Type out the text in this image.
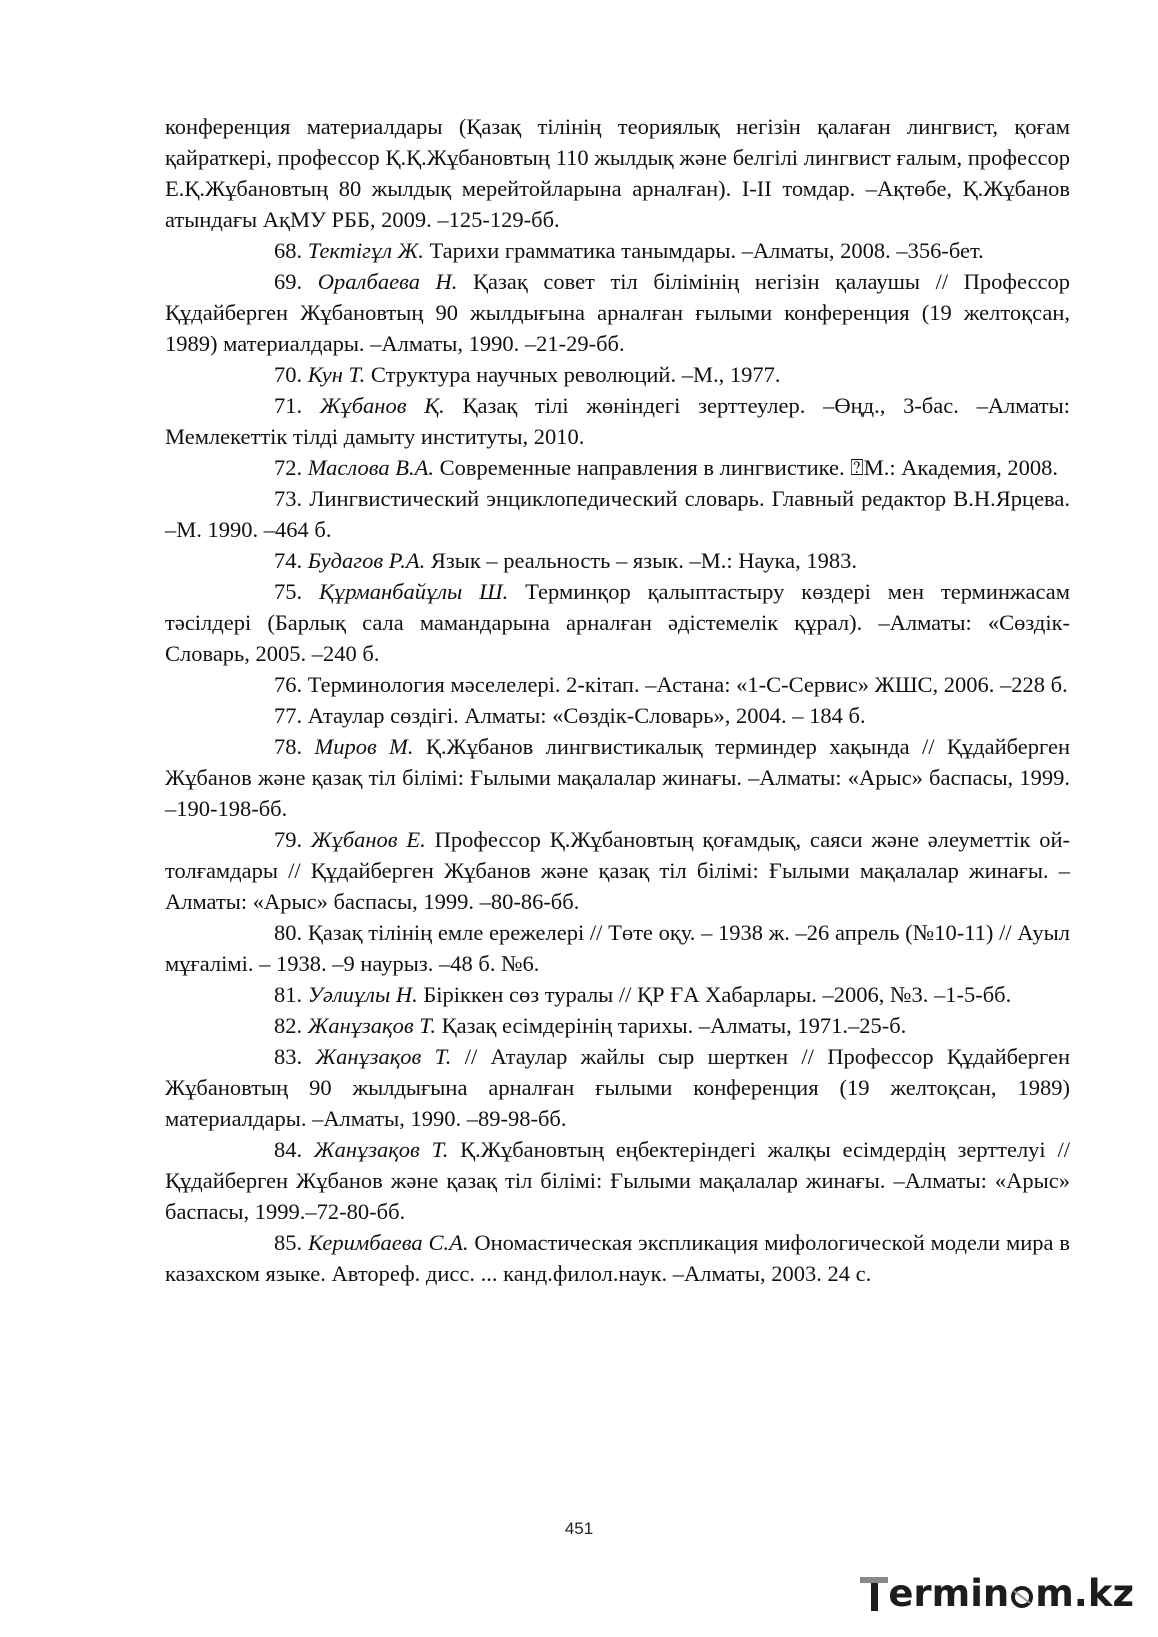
конференция материалдары (Қазақ тілінің теориялық негізін қалаған лингвист, қоғам қайраткері, профессор Қ.Қ.Жұбановтың 110 жылдық және белгілі лингвист ғалым, профессор Е.Қ.Жұбановтың 80 жылдық мерейтойларына арналған). I-II томдар. –Ақтөбе, Қ.Жұбанов атындағы АқМУ РББ, 2009. –125-129-бб.

68. Тектігұл Ж. Тарихи грамматика танымдары. –Алматы, 2008. –356-бет.

69. Оралбаева Н. Қазақ совет тіл білімінің негізін қалаушы // Профессор Құдайберген Жұбановтың 90 жылдығына арналған ғылыми конференция (19 желтоқсан, 1989) материалдары. –Алматы, 1990. –21-29-бб.

70. Кун Т. Структура научных революций. –М., 1977.

71. Жұбанов Қ. Қазақ тілі жөніндегі зерттеулер. –Өңд., 3-бас. –Алматы: Мемлекеттік тілді дамыту институты, 2010.

72. Маслова В.А. Современные направления в лингвистике. ⍰М.: Академия, 2008.

73. Лингвистический энциклопедический словарь. Главный редактор В.Н.Ярцева. –М. 1990. –464 б.

74. Будагов Р.А. Язык – реальность – язык. –М.: Наука, 1983.

75. Құрманбайұлы Ш. Терминқор қалыптастыру көздері мен терминжасам тәсілдері (Барлық сала мамандарына арналған әдістемелік құрал). –Алматы: «Сөздік-Словарь, 2005. –240 б.

76. Терминология мәселелері. 2-кітап. –Астана: «1-С-Сервис» ЖШС, 2006. –228 б.

77. Атаулар сөздігі. Алматы: «Сөздік-Словарь», 2004. – 184 б.

78. Миров М. Қ.Жұбанов лингвистикалық терминдер хақында // Құдайберген Жұбанов және қазақ тіл білімі: Ғылыми мақалалар жинағы. –Алматы: «Арыс» баспасы, 1999. –190-198-бб.

79. Жұбанов Е. Профессор Қ.Жұбановтың қоғамдық, саяси және әлеуметтік ой-толғамдары // Құдайберген Жұбанов және қазақ тіл білімі: Ғылыми мақалалар жинағы. –Алматы: «Арыс» баспасы, 1999. –80-86-бб.

80. Қазақ тілінің емле ережелері // Төте оқу. – 1938 ж. –26 апрель (№10-11) // Ауыл мұғалімі. – 1938. –9 наурыз. –48 б. №6.

81. Уәлиұлы Н. Біріккен сөз туралы // ҚР ҒА Хабарлары. –2006, №3. –1-5-бб.

82. Жанұзақов Т. Қазақ есімдерінің тарихы. –Алматы, 1971.–25-б.

83. Жанұзақов Т. // Атаулар жайлы сыр шерткен // Профессор Құдайберген Жұбановтың 90 жылдығына арналған ғылыми конференция (19 желтоқсан, 1989) материалдары. –Алматы, 1990. –89-98-бб.

84. Жанұзақов Т. Қ.Жұбановтың еңбектеріндегі жалқы есімдердің зерттелуі // Құдайберген Жұбанов және қазақ тіл білімі: Ғылыми мақалалар жинағы. –Алматы: «Арыс» баспасы, 1999.–72-80-бб.

85. Керимбаева С.А. Ономастическая экспликация мифологической модели мира в казахском языке. Автореф. дисс. ... канд.филол.наук. –Алматы, 2003. 24 с.

451
ermin m.kz
